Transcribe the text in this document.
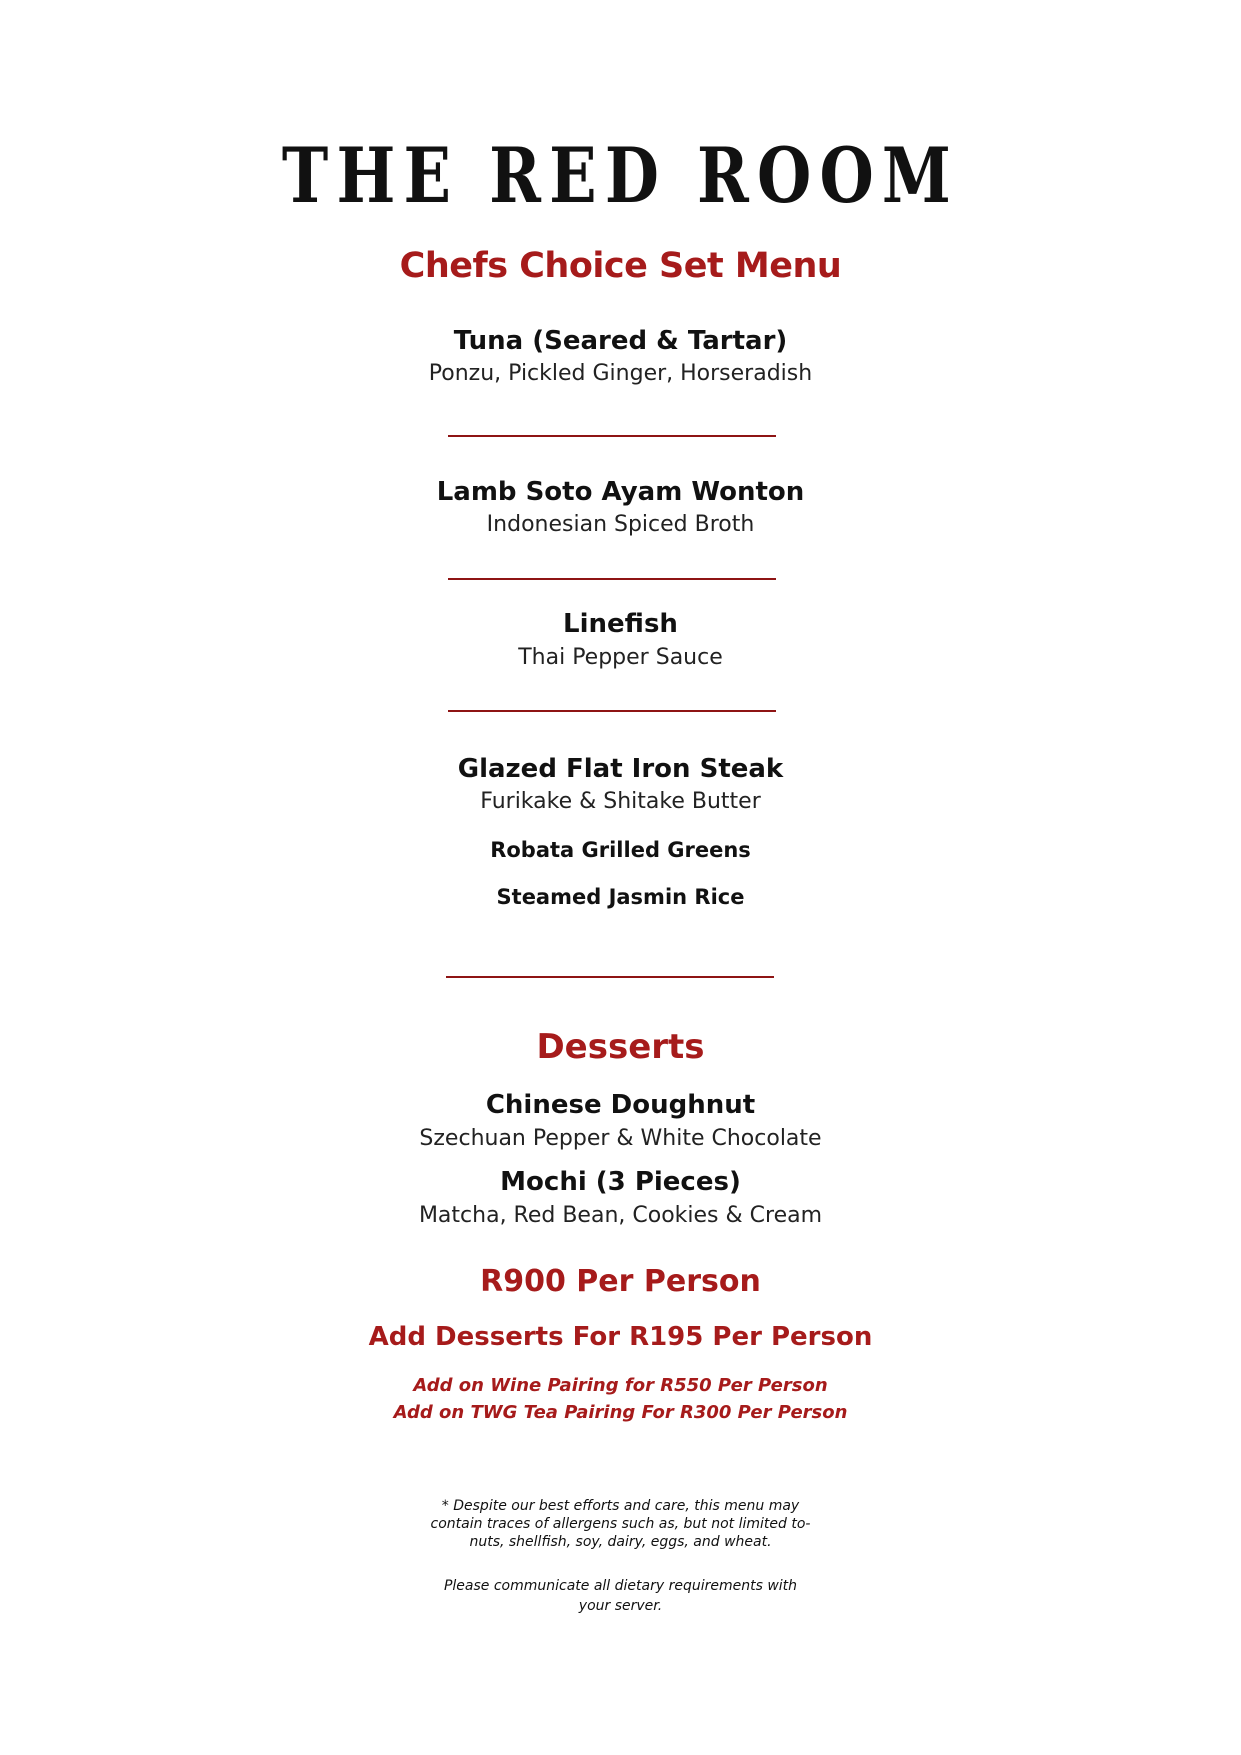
THE RED ROOM
Chefs Choice Set Menu
Tuna (Seared & Tartar)
Ponzu, Pickled Ginger, Horseradish
Lamb Soto Ayam Wonton
Indonesian Spiced Broth
Linefish
Thai Pepper Sauce
Glazed Flat Iron Steak
Furikake & Shitake Butter
Robata Grilled Greens
Steamed Jasmin Rice
Desserts
Chinese Doughnut
Szechuan Pepper & White Chocolate
Mochi (3 Pieces)
Matcha, Red Bean, Cookies & Cream
R900 Per Person
Add Desserts For R195 Per Person
Add on Wine Pairing for R550 Per Person
Add on TWG Tea Pairing For R300 Per Person
* Despite our best efforts and care, this menu may
contain traces of allergens such as, but not limited to-
nuts, shellfish, soy, dairy, eggs, and wheat.
Please communicate all dietary requirements with
your server.
